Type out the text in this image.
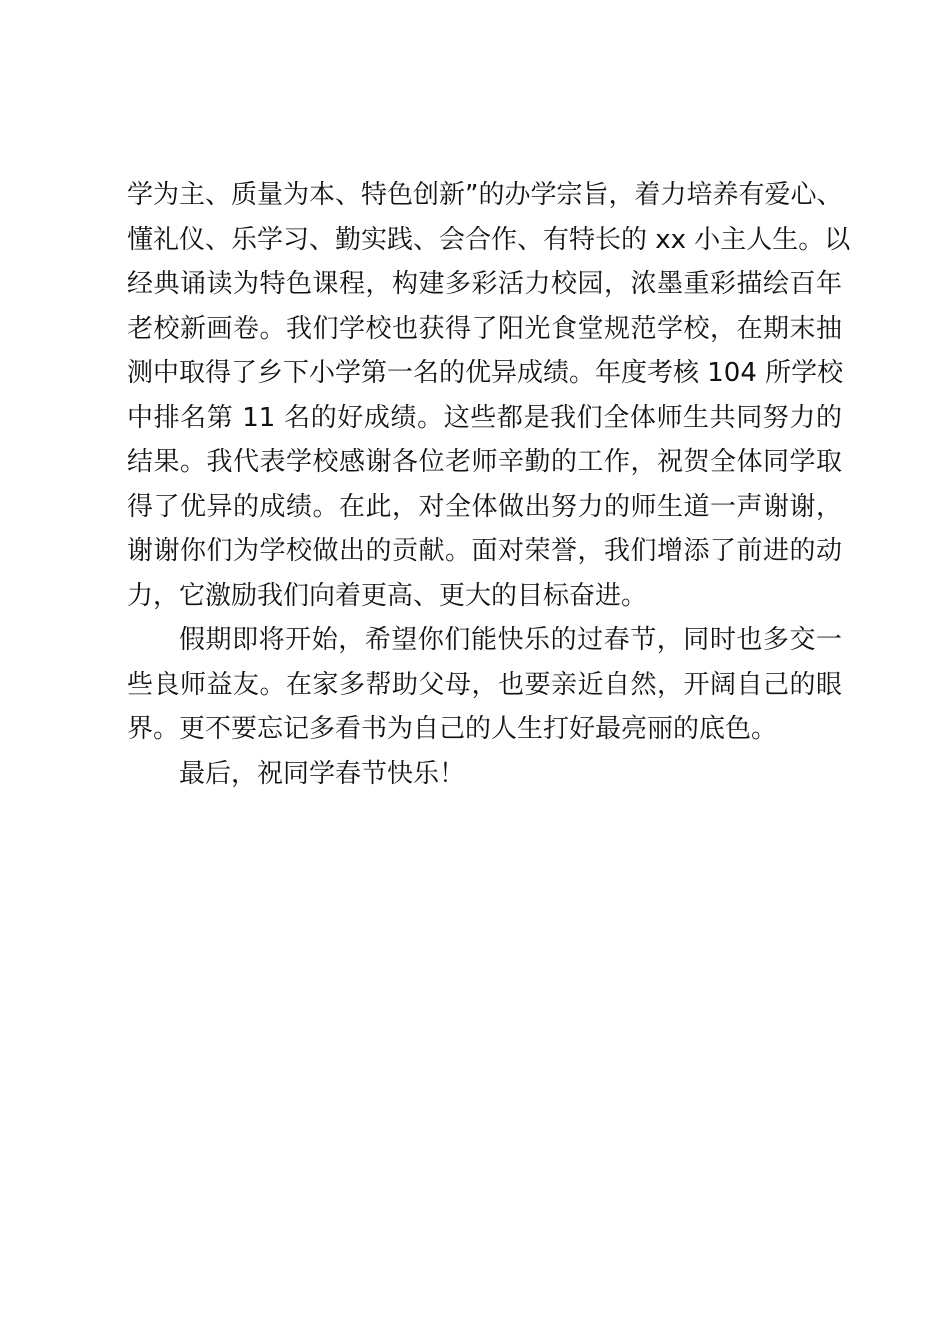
学为主、质量为本、特色创新”的办学宗旨，着力培养有爱心、
懂礼仪、乐学习、勤实践、会合作、有特长的 xx 小主人生。以
经典诵读为特色课程，构建多彩活力校园，浓墨重彩描绘百年
老校新画卷。我们学校也获得了阳光食堂规范学校，在期末抽
测中取得了乡下小学第一名的优异成绩。年度考核 104 所学校
中排名第 11 名的好成绩。这些都是我们全体师生共同努力的
结果。我代表学校感谢各位老师辛勤的工作，祝贺全体同学取
得了优异的成绩。在此，对全体做出努力的师生道一声谢谢，
谢谢你们为学校做出的贡献。面对荣誉，我们增添了前进的动
力，它激励我们向着更高、更大的目标奋进。
假期即将开始，希望你们能快乐的过春节，同时也多交一
些良师益友。在家多帮助父母，也要亲近自然，开阔自己的眼
界。更不要忘记多看书为自己的人生打好最亮丽的底色。
最后，祝同学春节快乐！
